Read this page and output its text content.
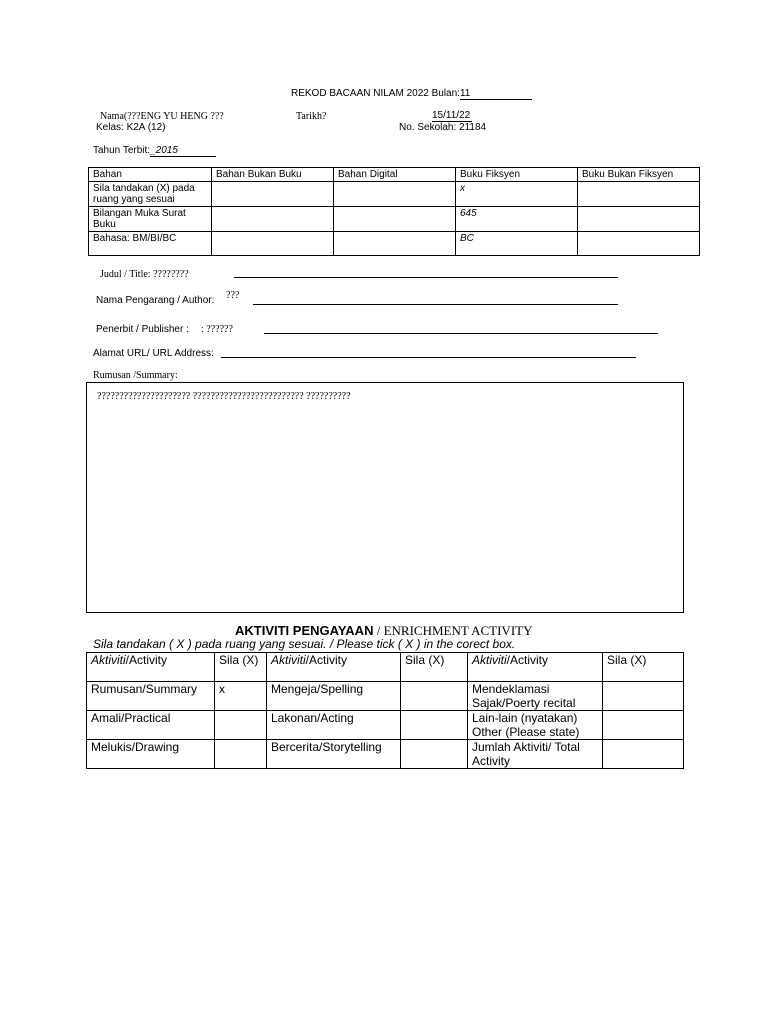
REKOD BACAAN NILAM 2022 Bulan:11
Nama(???ENG YU HENG ???	Tarikh?	15/11/22
Kelas: K2A (12)	No. Sekolah: 21184
Tahun Terbit:_2015
Bahan	Bahan Bukan Buku	Bahan Digital	Buku Fiksyen	Buku Bukan Fiksyen
Sila tandakan (X) pada ruang yang sesuai			x	
Bilangan Muka Surat Buku			645	
Bahasa: BM/BI/BC			BC	
Judul / Title: ????????
Nama Pengarang / Author: ???
Penerbit / Publisher : : ??????
Alamat URL/ URL Address:
Rumusan /Summary:
????????????????????? ????????????????????????? ??????????
AKTIVITI PENGAYAAN / ENRICHMENT ACTIVITY
Sila tandakan ( X ) pada ruang yang sesuai. / Please tick ( X ) in the corect box.
Aktiviti/Activity	Sila (X)	Aktiviti/Activity	Sila (X)	Aktiviti/Activity	Sila (X)
Rumusan/Summary	x	Mengeja/Spelling		Mendeklamasi Sajak/Poerty recital	
Amali/Practical		Lakonan/Acting		Lain-lain (nyatakan) Other (Please state)	
Melukis/Drawing		Bercerita/Storytelling		Jumlah Aktiviti/ Total Activity	
